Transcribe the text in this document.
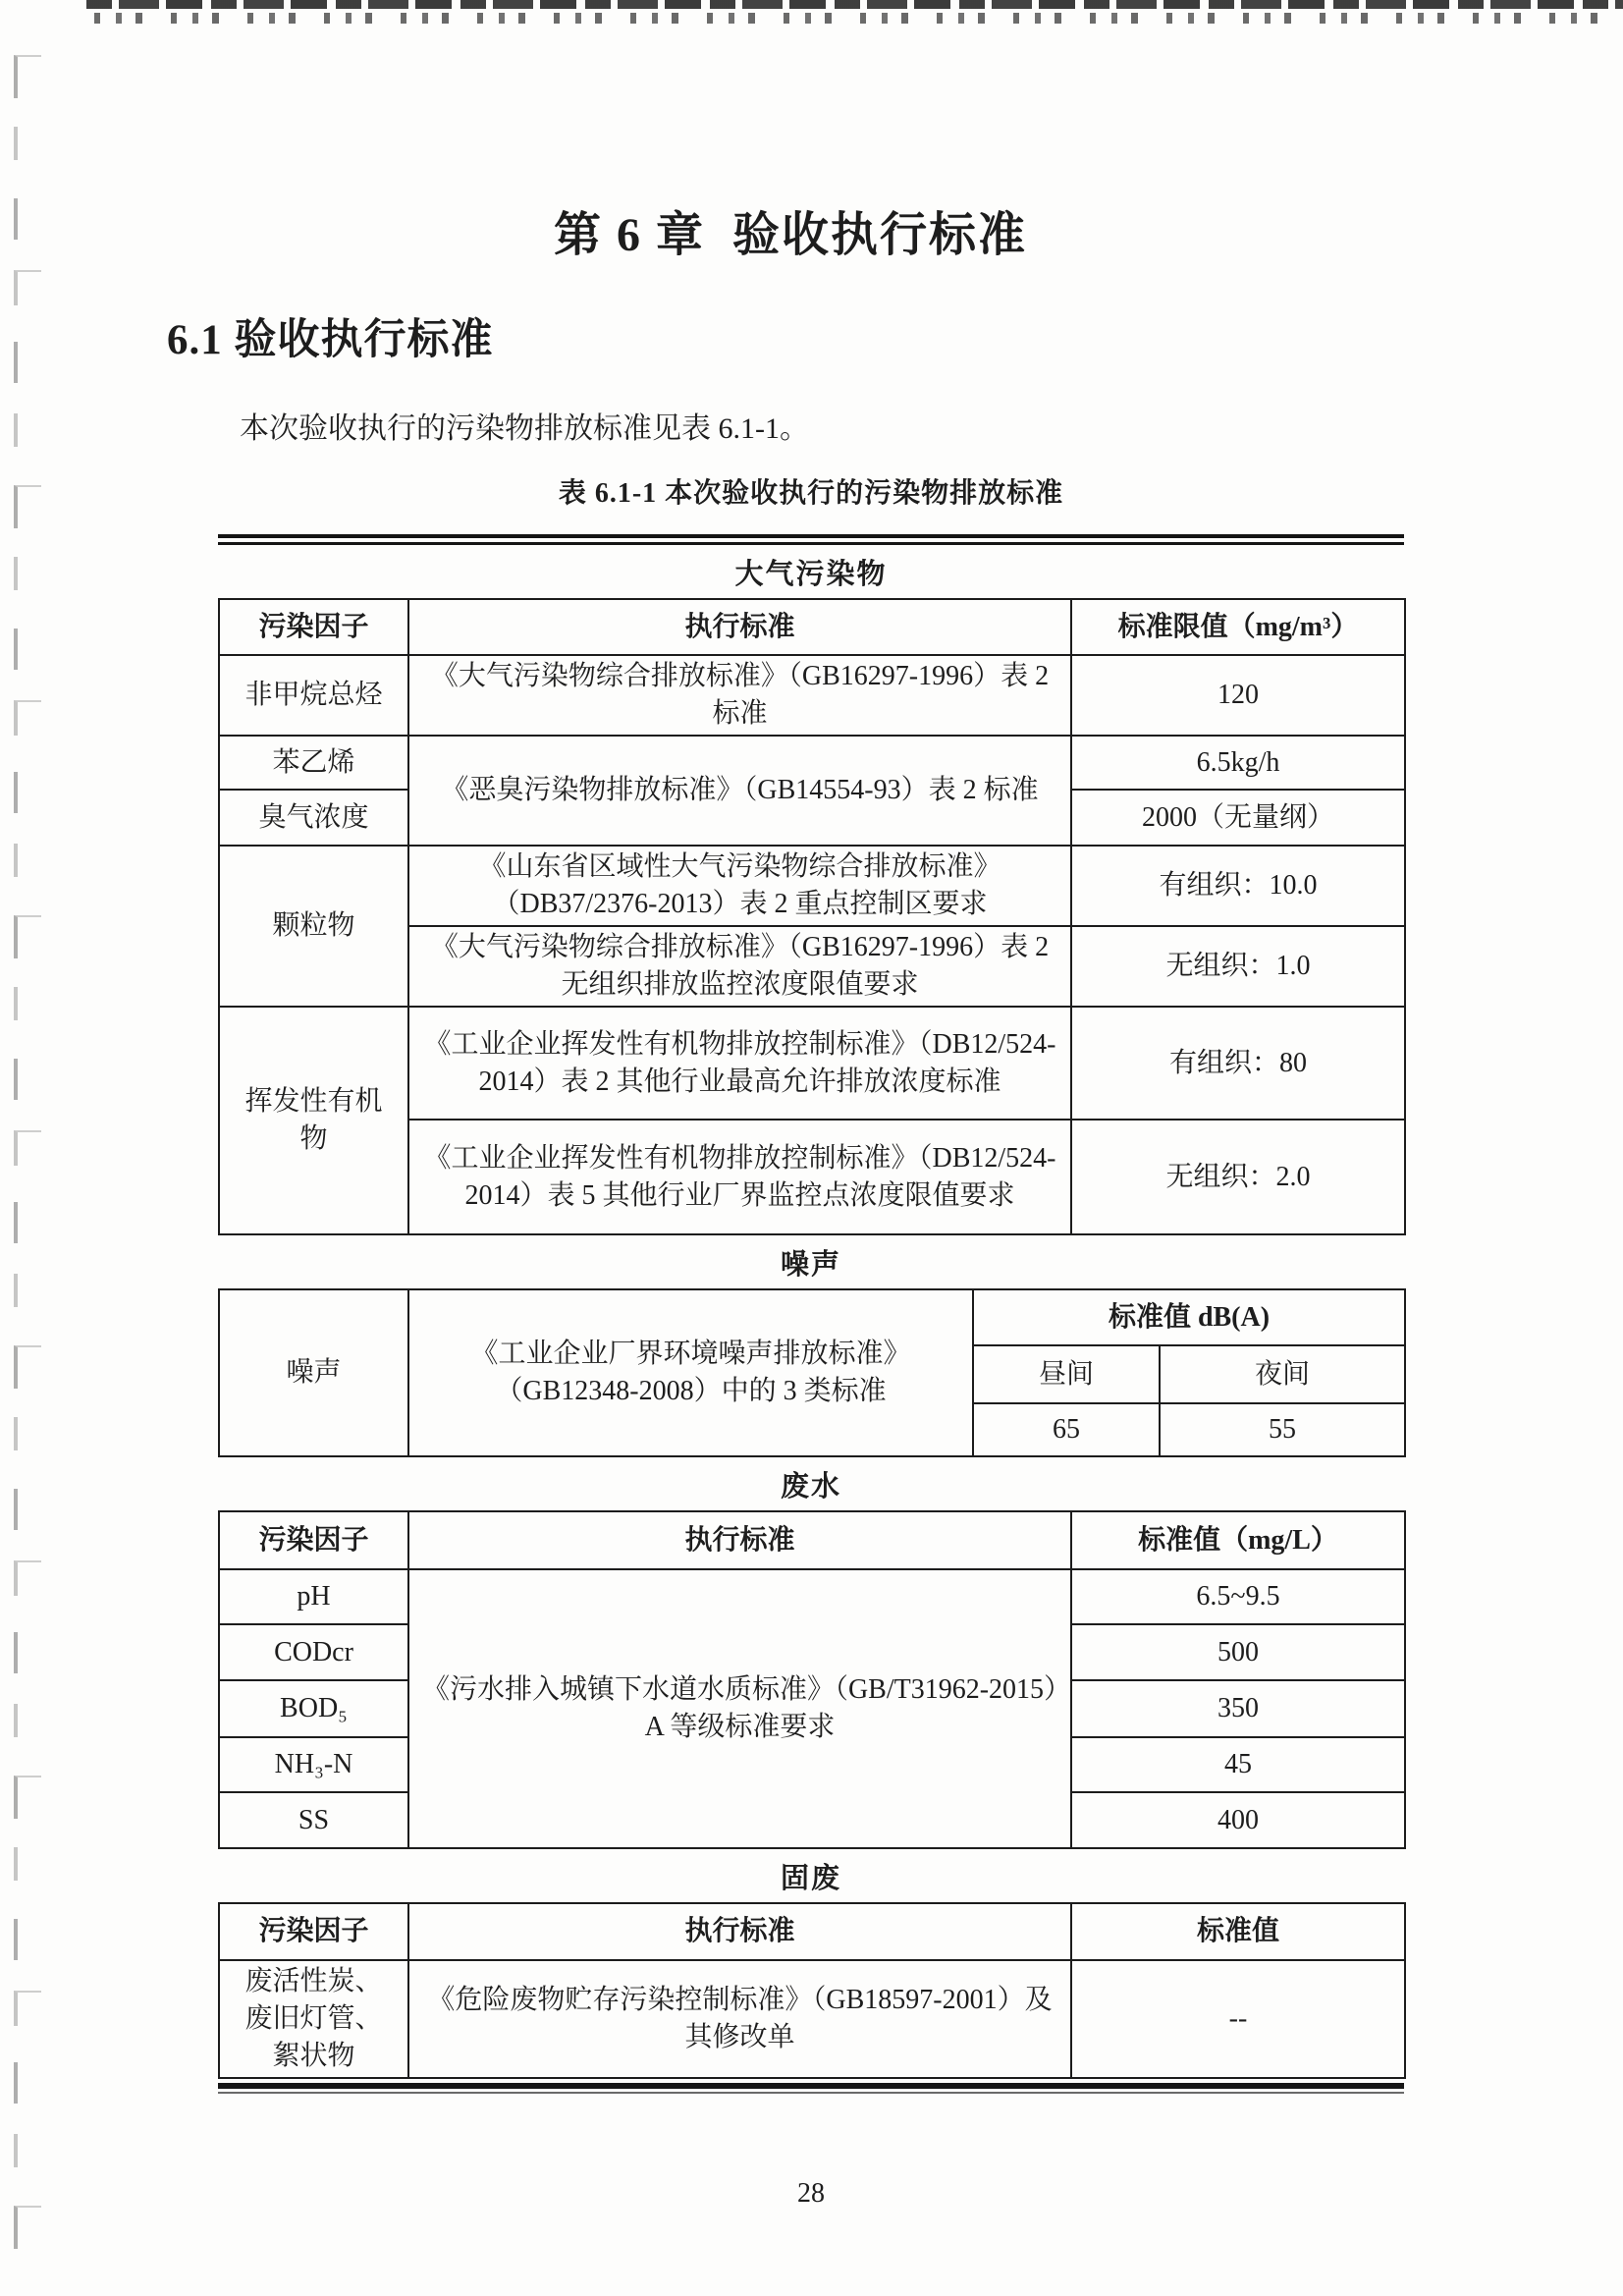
第 6 章  验收执行标准
6.1 验收执行标准

本次验收执行的污染物排放标准见表 6.1-1。

表 6.1-1 本次验收执行的污染物排放标准
大气污染物
污染因子	执行标准	标准限值（mg/m³）
非甲烷总烃	《大气污染物综合排放标准》（GB16297-1996）表 2 标准	120
苯乙烯	《恶臭污染物排放标准》（GB14554-93）表 2 标准	6.5kg/h
臭气浓度		2000（无量纲）
颗粒物	《山东省区域性大气污染物综合排放标准》（DB37/2376-2013）表 2 重点控制区要求	有组织：10.0
	《大气污染物综合排放标准》（GB16297-1996）表 2 无组织排放监控浓度限值要求	无组织：1.0
挥发性有机物	《工业企业挥发性有机物排放控制标准》（DB12/524-2014）表 2 其他行业最高允许排放浓度标准	有组织：80
	《工业企业挥发性有机物排放控制标准》（DB12/524-2014）表 5 其他行业厂界监控点浓度限值要求	无组织：2.0
噪声
噪声	《工业企业厂界环境噪声排放标准》（GB12348-2008）中的 3 类标准	标准值 dB(A)	
		昼间	夜间
		65	55
废水
污染因子	执行标准	标准值（mg/L）
pH	《污水排入城镇下水道水质标准》（GB/T31962-2015）A 等级标准要求	6.5~9.5
CODcr		500
BOD₅		350
NH₃-N		45
SS		400
固废
污染因子	执行标准	标准值
废活性炭、废旧灯管、絮状物	《危险废物贮存污染控制标准》（GB18597-2001）及其修改单	--
28
